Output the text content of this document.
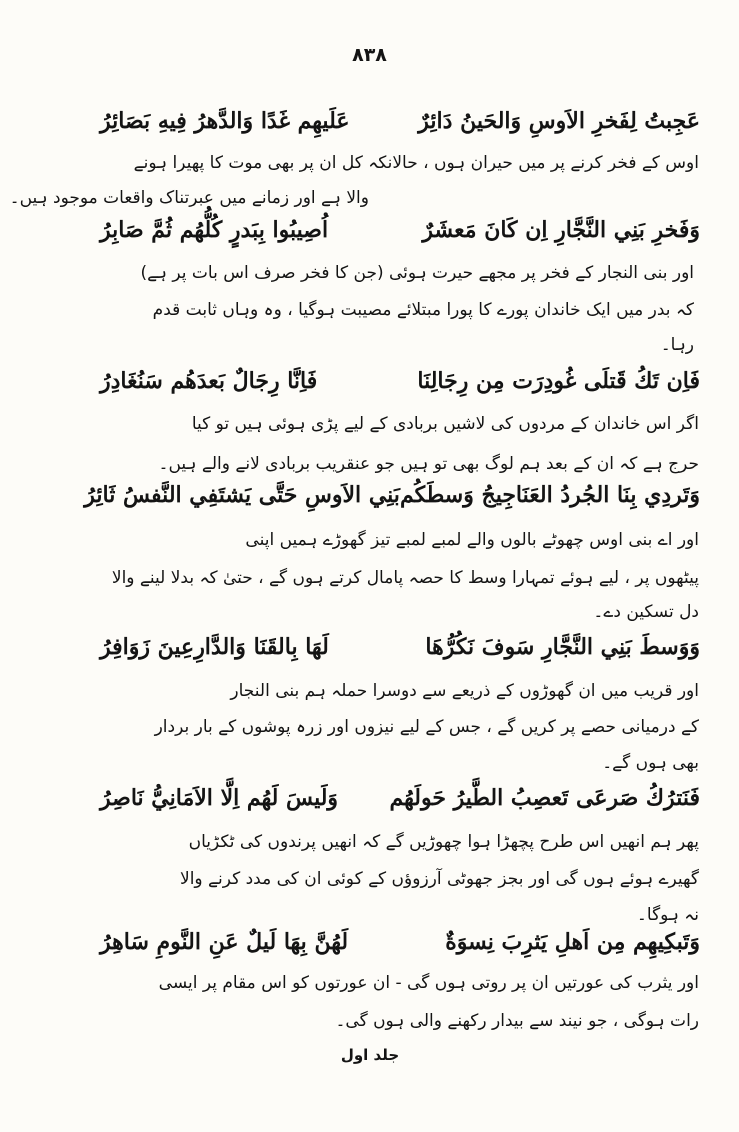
٨٣٨
عَجِبتُ لِفَخرِ الاَوسِ وَالحَينُ دَائِرٌ
عَلَيهِم غَدًا وَالدَّهرُ فِيهِ بَصَائِرُ
اوس کے فخر کرنے پر میں حیران ہوں ، حالانکہ کل ان پر بھی موت کا پھیرا ہونے
والا ہے اور زمانے میں عبرتناک واقعات موجود ہیں۔
وَفَخرِ بَنِي النَّجَّارِ اِن كَانَ مَعشَرٌ
اُصِيبُوا بِبَدرٍ كُلُّهُم ثُمَّ صَابِرُ
اور بنی النجار کے فخر پر مجھے حیرت ہوئی (جن کا فخر صرف اس بات پر ہے)
کہ بدر میں ایک خاندان پورے کا پورا مبتلائے مصیبت ہوگیا ، وہ وہاں ثابت قدم
رہا۔
فَاِن تَكُ قَتلَى غُودِرَت مِن رِجَالِنَا
فَاِنَّا رِجَالٌ بَعدَهُم سَنُغَادِرُ
اگر اس خاندان کے مردوں کی لاشیں بربادی کے لیے پڑی ہوئی ہیں تو کیا
حرج ہے کہ ان کے بعد ہم لوگ بھی تو ہیں جو عنقریب بربادی لانے والے ہیں۔
وَتَردِي بِنَا الجُردُ العَنَاجِيجُ وَسطَكُم
بَنِي الاَوسِ حَتَّى يَشتَفِي النَّفسُ ثَائِرُ
اور اے بنی اوس چھوٹے بالوں والے لمبے لمبے تیز گھوڑے ہمیں اپنی
پیٹھوں پر ، لیے ہوئے تمہارا وسط کا حصہ پامال کرتے ہوں گے ، حتیٰ کہ بدلا لینے والا
دل تسکین دے۔
وَوَسطَ بَنِي النَّجَّارِ سَوفَ نَكُرُّهَا
لَهَا بِالقَنَا وَالدَّارِعِينَ زَوَافِرُ
اور قریب میں ان گھوڑوں کے ذریعے سے دوسرا حملہ ہم بنی النجار
کے درمیانی حصے پر کریں گے ، جس کے لیے نیزوں اور زرہ پوشوں کے بار بردار
بھی ہوں گے۔
فَنَترُكُ صَرعَى تَعصِبُ الطَّيرُ حَولَهُم
وَلَيسَ لَهُم اِلَّا الاَمَانِيُّ نَاصِرُ
پھر ہم انھیں اس طرح پچھڑا ہوا چھوڑیں گے کہ انھیں پرندوں کی ٹکڑیاں
گھیرے ہوئے ہوں گی اور بجز جھوٹی آرزوؤں کے کوئی ان کی مدد کرنے والا
نہ ہوگا۔
وَتَبكِيهِم مِن اَهلِ يَثرِبَ نِسوَةٌ
لَهُنَّ بِهَا لَيلٌ عَنِ النَّومِ سَاهِرُ
اور یثرب کی عورتیں ان پر روتی ہوں گی - ان عورتوں کو اس مقام پر ایسی
رات ہوگی ، جو نیند سے بیدار رکھنے والی ہوں گی۔
جلد اول
